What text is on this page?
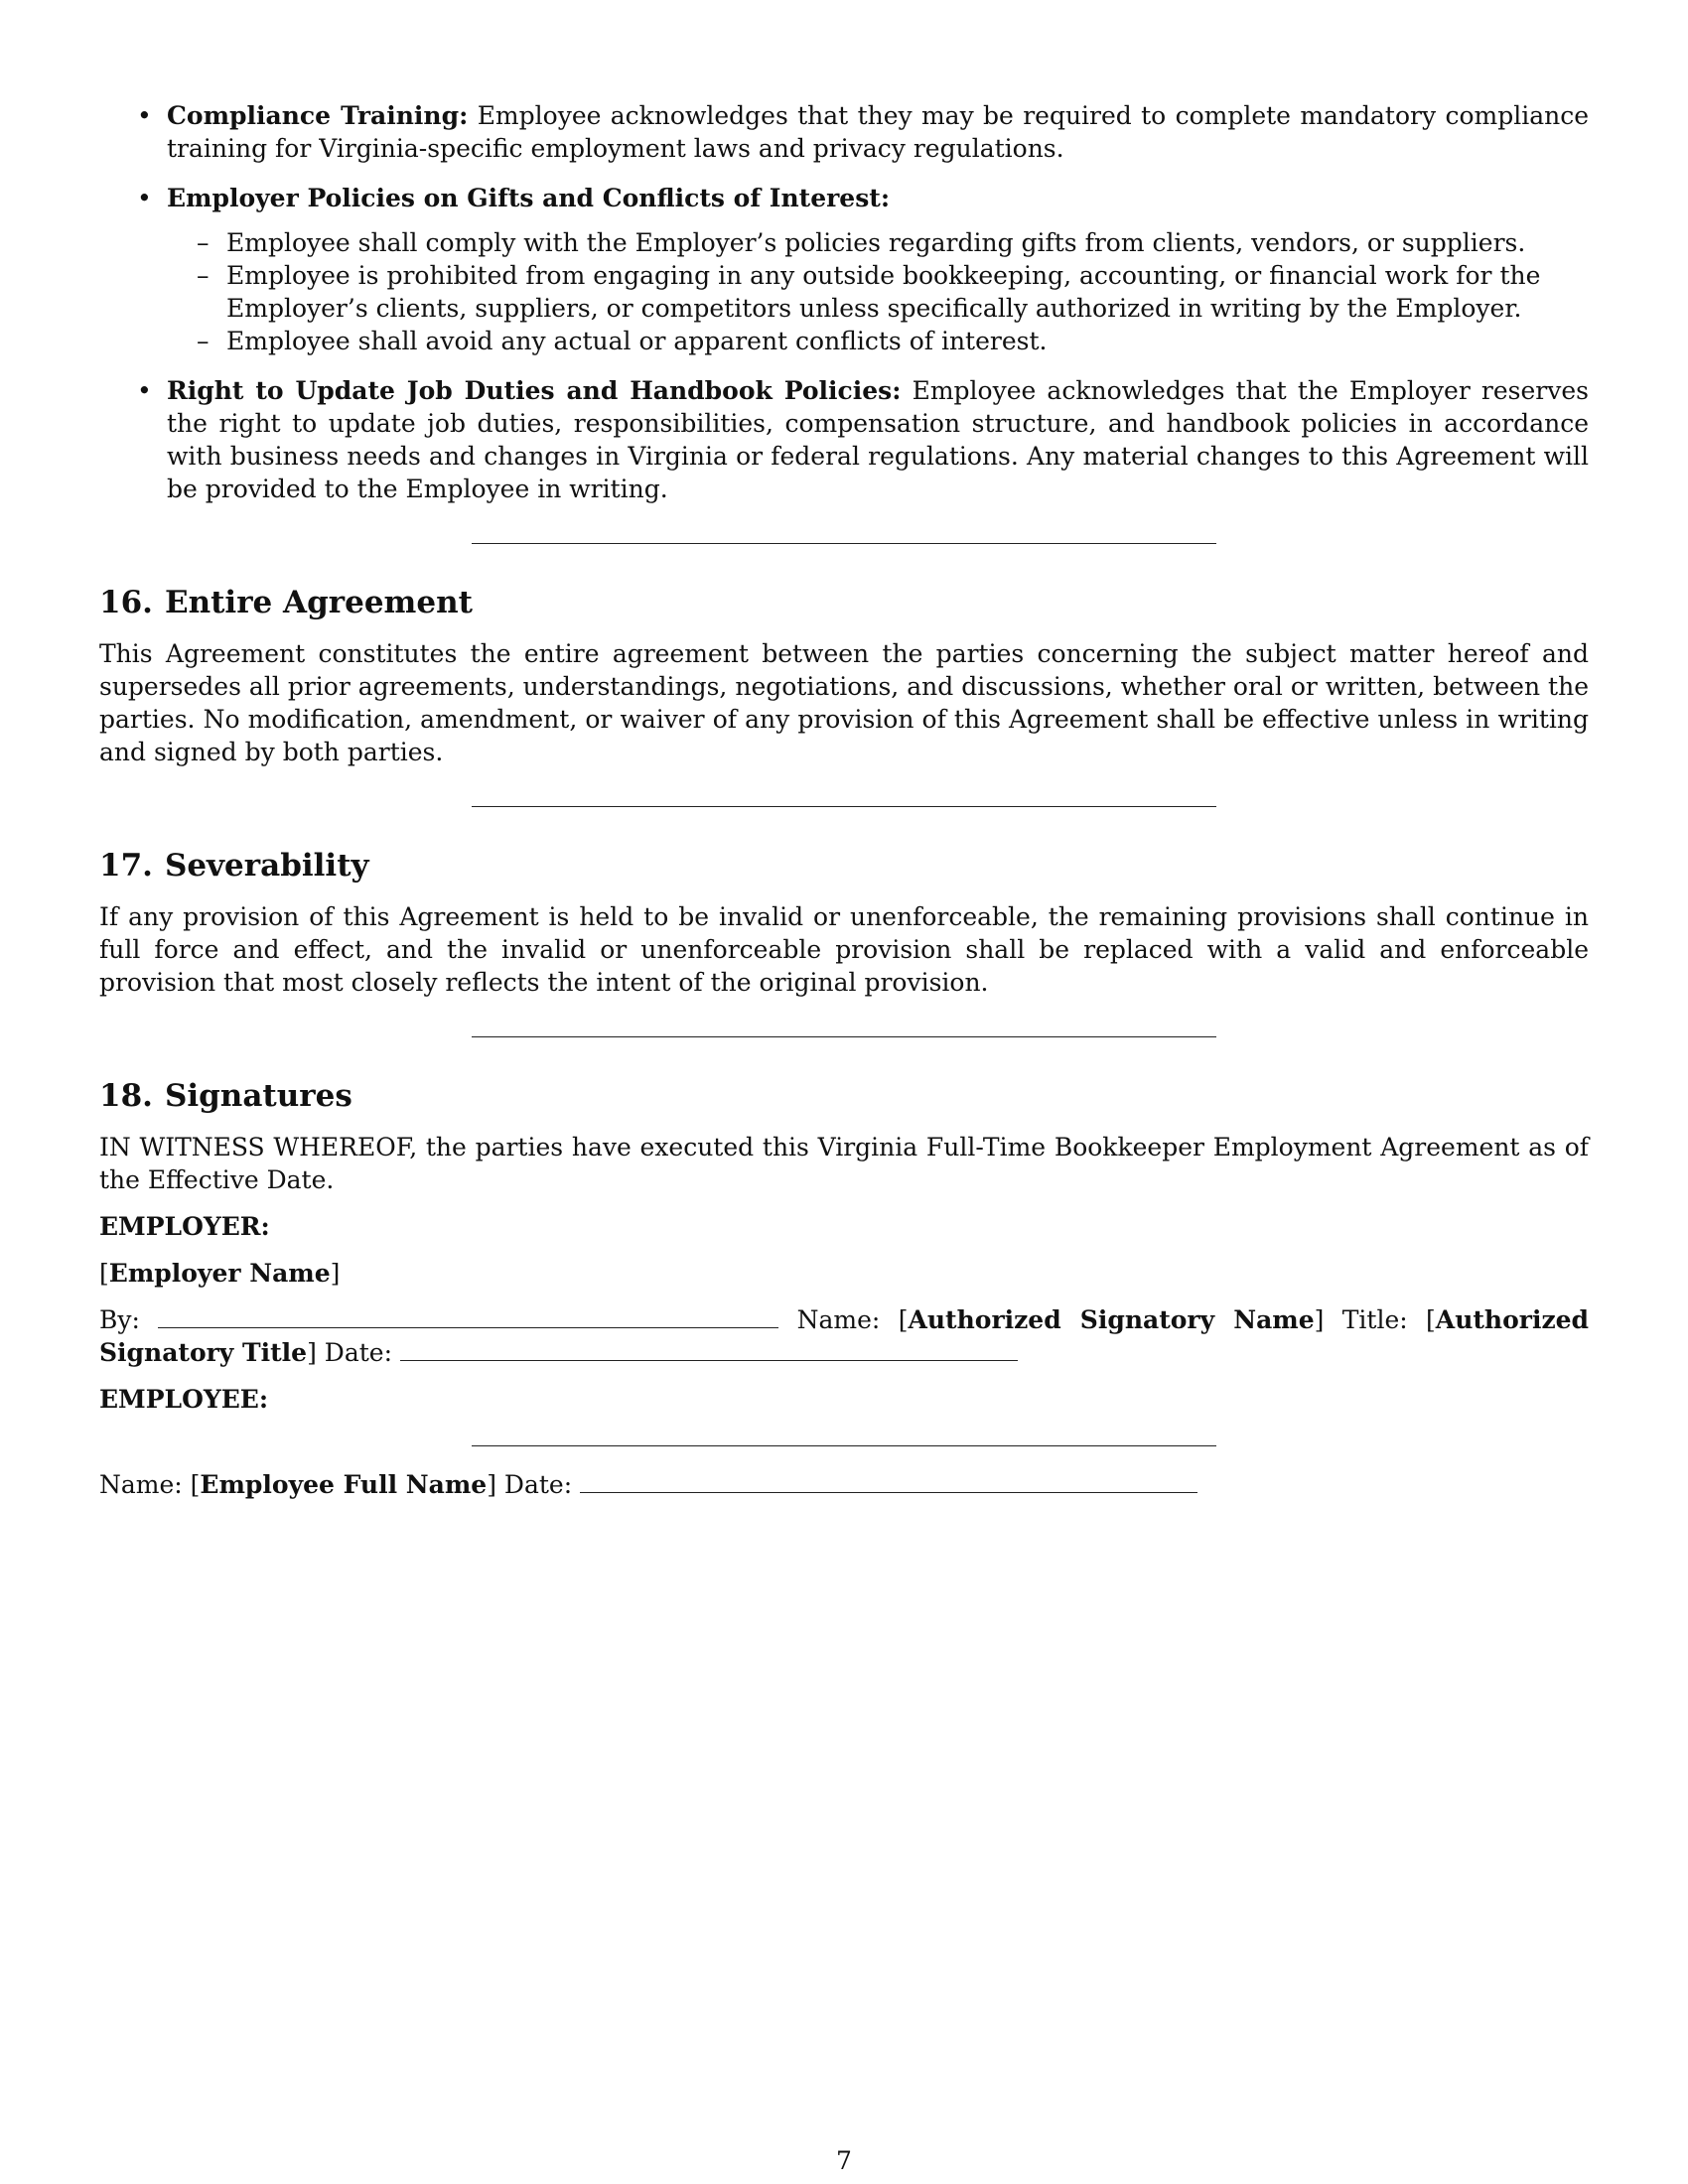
• Compliance Training: Employee acknowledges that they may be required to complete mandatory compliance training for Virginia-specific employment laws and privacy regulations.
• Employer Policies on Gifts and Conflicts of Interest:
– Employee shall comply with the Employer’s policies regarding gifts from clients, vendors, or suppliers.
– Employee is prohibited from engaging in any outside bookkeeping, accounting, or financial work for the Employer’s clients, suppliers, or competitors unless specifically authorized in writing by the Employer.
– Employee shall avoid any actual or apparent conflicts of interest.
• Right to Update Job Duties and Handbook Policies: Employee acknowledges that the Employer reserves the right to update job duties, responsibilities, compensation structure, and handbook policies in accordance with business needs and changes in Virginia or federal regulations. Any material changes to this Agreement will be provided to the Employee in writing.
16. Entire Agreement

This Agreement constitutes the entire agreement between the parties concerning the subject matter hereof and supersedes all prior agreements, understandings, negotiations, and discussions, whether oral or written, between the parties. No modification, amendment, or waiver of any provision of this Agreement shall be effective unless in writing and signed by both parties.

17. Severability

If any provision of this Agreement is held to be invalid or unenforceable, the remaining provisions shall continue in full force and effect, and the invalid or unenforceable provision shall be replaced with a valid and enforceable provision that most closely reflects the intent of the original provision.

18. Signatures

IN WITNESS WHEREOF, the parties have executed this Virginia Full-Time Bookkeeper Employment Agreement as of the Effective Date.

EMPLOYER:

[Employer Name]

By:	Name: [Authorized Signatory Name] Title: [Authorized Signatory Title] Date:

EMPLOYEE:

Name: [Employee Full Name] Date:

7
